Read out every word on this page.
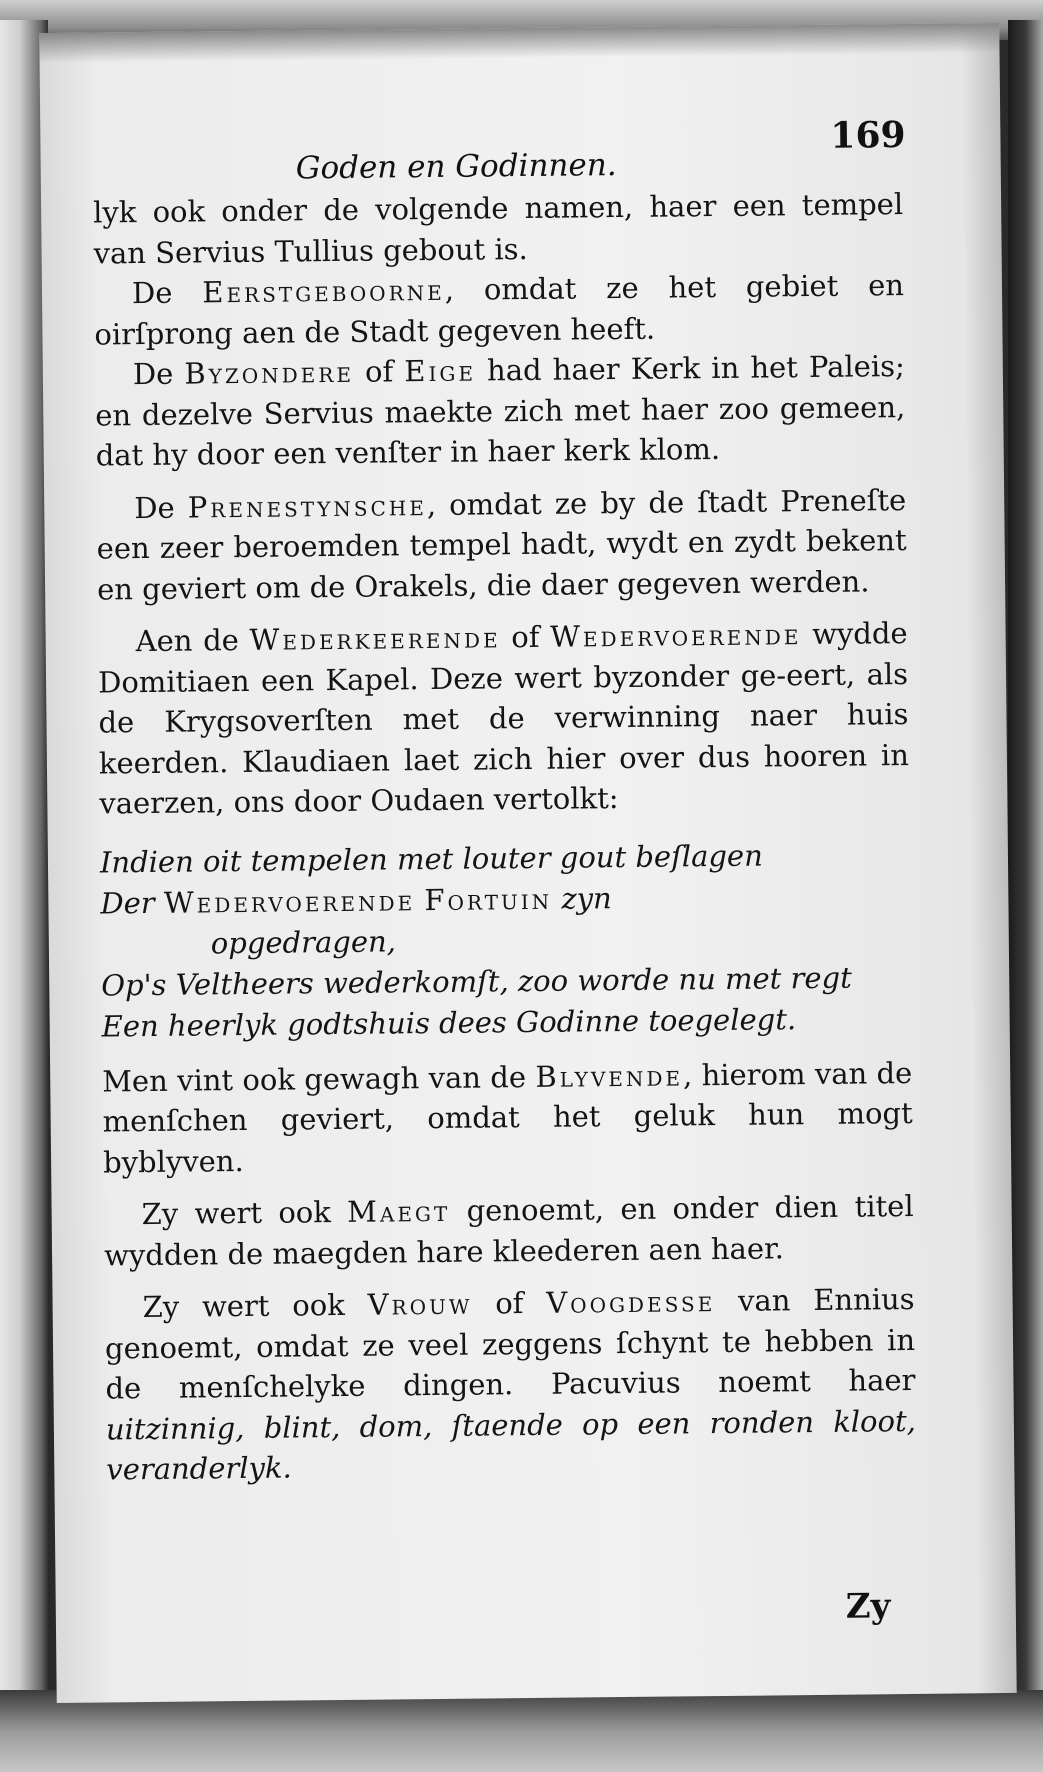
Goden en Godinnen.
169

lyk ook onder de volgende namen, haer een tempel van Servius Tullius gebout is.

De Eerstgeboorne, omdat ze het gebiet en oirſprong aen de Stadt gegeven heeft.

De Byzondere of Eige had haer Kerk in het Paleis; en dezelve Servius maekte zich met haer zoo gemeen, dat hy door een venſter in haer kerk klom.

De Prenestynsche, omdat ze by de ſtadt Preneſte een zeer beroemden tempel hadt, wydt en zydt bekent en geviert om de Orakels, die daer gegeven werden.

Aen de Wederkeerende of Wedervoerende wydde Domitiaen een Kapel. Deze wert byzonder ge-eert, als de Krygsoverſten met de verwinning naer huis keerden. Klaudiaen laet zich hier over dus hooren in vaerzen, ons door Oudaen vertolkt:

Indien oit tempelen met louter gout beſlagen
Der Wedervoerende Fortuin zyn
opgedragen,
Op's Veltheers wederkomſt, zoo worde nu met regt
Een heerlyk godtshuis dees Godinne toegelegt.

Men vint ook gewagh van de Blyvende, hierom van de menſchen geviert, omdat het geluk hun mogt byblyven.

Zy wert ook Maegt genoemt, en onder dien titel wydden de maegden hare kleederen aen haer.

Zy wert ook Vrouw of Voogdesse van Ennius genoemt, omdat ze veel zeggens ſchynt te hebben in de menſchelyke dingen. Pacuvius noemt haer uitzinnig, blint, dom, ſtaende op een ronden kloot, veranderlyk.

Zy
